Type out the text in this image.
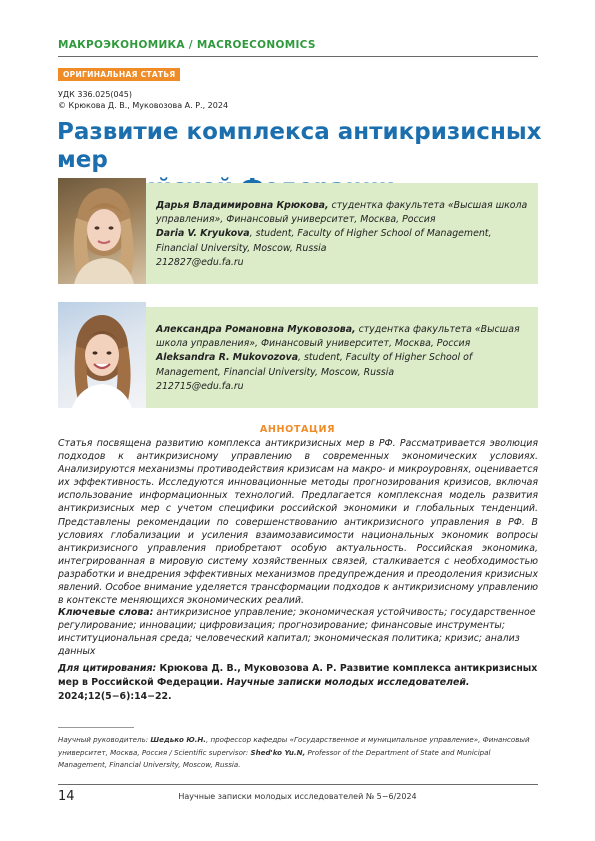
МАКРОЭКОНОМИКА / MACROECONOMICS
ОРИГИНАЛЬНАЯ СТАТЬЯ
УДК 336.025(045)
© Крюкова Д. В., Муковозова А. Р., 2024
Развитие комплекса антикризисных мер

Дарья Владимировна Крюкова, студентка факультета «Высшая школа управления», Финансовый университет, Москва, Россия
Daria V. Kryukova, student, Faculty of Higher School of Management, Financial University, Moscow, Russia
212827@edu.fa.ru
Александра Романовна Муковозова, студентка факультета «Высшая школа управления», Финансовый университет, Москва, Россия
Aleksandra R. Mukovozova, student, Faculty of Higher School of Management, Financial University, Moscow, Russia
212715@edu.fa.ru
АННОТАЦИЯ

Статья посвящена развитию комплекса антикризисных мер в РФ. Рассматривается эволюция подходов к антикризисному управлению в современных экономических условиях. Анализируются механизмы противодействия кризисам на макро- и микроуровнях, оценивается их эффективность. Исследуются инновационные методы прогнозирования кризисов, включая использование информационных технологий. Предлагается комплексная модель развития антикризисных мер с учетом специфики российской экономики и глобальных тенденций. Представлены рекомендации по совершенствованию антикризисного управления в РФ. В условиях глобализации и усиления взаимозависимости национальных экономик вопросы антикризисного управления приобретают особую актуальность. Российская экономика, интегрированная в мировую систему хозяйственных связей, сталкивается с необходимостью разработки и внедрения эффективных механизмов предупреждения и преодоления кризисных явлений. Особое внимание уделяется трансформации подходов к антикризисному управлению в контексте меняющихся экономических реалий.

Ключевые слова: антикризисное управление; экономическая устойчивость; государственное регулирование; инновации; цифровизация; прогнозирование; финансовые инструменты; институциональная среда; человеческий капитал; экономическая политика; кризис; анализ данных

Для цитирования: Крюкова Д. В., Муковозова А. Р. Развитие комплекса антикризисных мер в Российской Федерации. Научные записки молодых исследователей. 2024;12(5−6):14−22.

Научный руководитель: Шедько Ю.Н., профессор кафедры «Государственное и муниципальное управление», Финансовый университет, Москва, Россия / Scientific supervisor: Shed'ko Yu.N, Professor of the Department of State and Municipal Management, Financial University, Moscow, Russia.

14	Научные записки молодых исследователей № 5−6/2024
